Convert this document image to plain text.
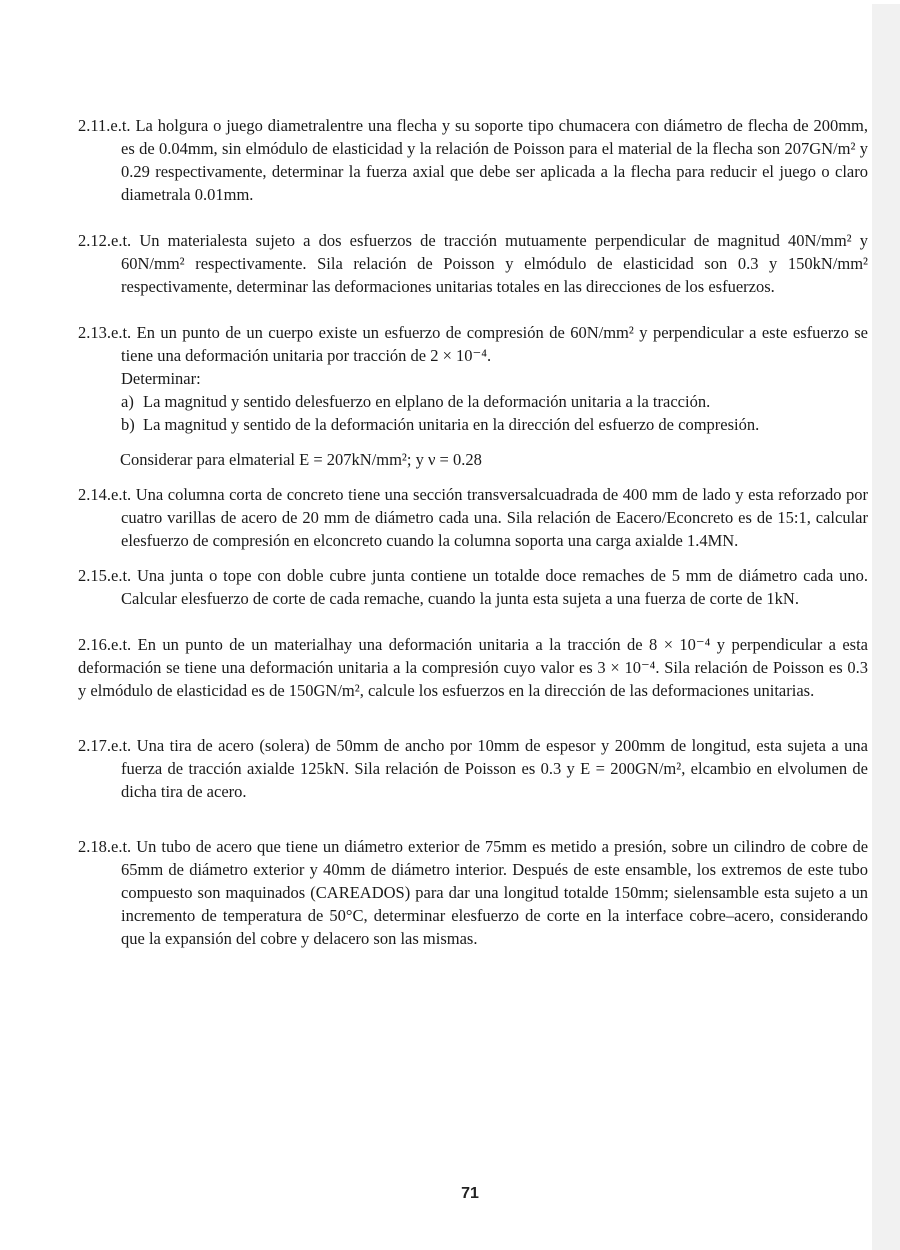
2.11.e.t. La holgura o juego diametralentre una flecha y su soporte tipo chumacera con diámetro de flecha de 200mm, es de 0.04mm, sin elmódulo de elasticidad y la relación de Poisson para el material de la flecha son 207GN/m² y 0.29 respectivamente, determinar la fuerza axial que debe ser aplicada a la flecha para reducir el juego o claro diametrala 0.01mm.

2.12.e.t. Un materialesta sujeto a dos esfuerzos de tracción mutuamente perpendicular de magnitud 40N/mm² y 60N/mm² respectivamente. Sila relación de Poisson y elmódulo de elasticidad son 0.3 y 150kN/mm² respectivamente, determinar las deformaciones unitarias totales en las direcciones de los esfuerzos.

2.13.e.t. En un punto de un cuerpo existe un esfuerzo de compresión de 60N/mm² y perpendicular a este esfuerzo se tiene una deformación unitaria por tracción de 2 × 10⁻⁴.

Determinar:
a) La magnitud y sentido delesfuerzo en elplano de la deformación unitaria a la tracción.
b) La magnitud y sentido de la deformación unitaria en la dirección del esfuerzo de compresión.
Considerar para elmaterial E = 207kN/mm²; y ν = 0.28

2.14.e.t. Una columna corta de concreto tiene una sección transversalcuadrada de 400 mm de lado y esta reforzado por cuatro varillas de acero de 20 mm de diámetro cada una. Sila relación de Eacero/Econcreto es de 15:1, calcular elesfuerzo de compresión en elconcreto cuando la columna soporta una carga axialde 1.4MN.

2.15.e.t. Una junta o tope con doble cubre junta contiene un totalde doce remaches de 5 mm de diámetro cada uno. Calcular elesfuerzo de corte de cada remache, cuando la junta esta sujeta a una fuerza de corte de 1kN.

2.16.e.t. En un punto de un materialhay una deformación unitaria a la tracción de 8 × 10⁻⁴ y perpendicular a esta deformación se tiene una deformación unitaria a la compresión cuyo valor es 3 × 10⁻⁴. Sila relación de Poisson es 0.3 y elmódulo de elasticidad es de 150GN/m², calcule los esfuerzos en la dirección de las deformaciones unitarias.

2.17.e.t. Una tira de acero (solera) de 50mm de ancho por 10mm de espesor y 200mm de longitud, esta sujeta a una fuerza de tracción axialde 125kN. Sila relación de Poisson es 0.3 y E = 200GN/m², elcambio en elvolumen de dicha tira de acero.

2.18.e.t. Un tubo de acero que tiene un diámetro exterior de 75mm es metido a presión, sobre un cilindro de cobre de 65mm de diámetro exterior y 40mm de diámetro interior. Después de este ensamble, los extremos de este tubo compuesto son maquinados (CAREADOS) para dar una longitud totalde 150mm; sielensamble esta sujeto a un incremento de temperatura de 50°C, determinar elesfuerzo de corte en la interface cobre–acero, considerando que la expansión del cobre y delacero son las mismas.

71
